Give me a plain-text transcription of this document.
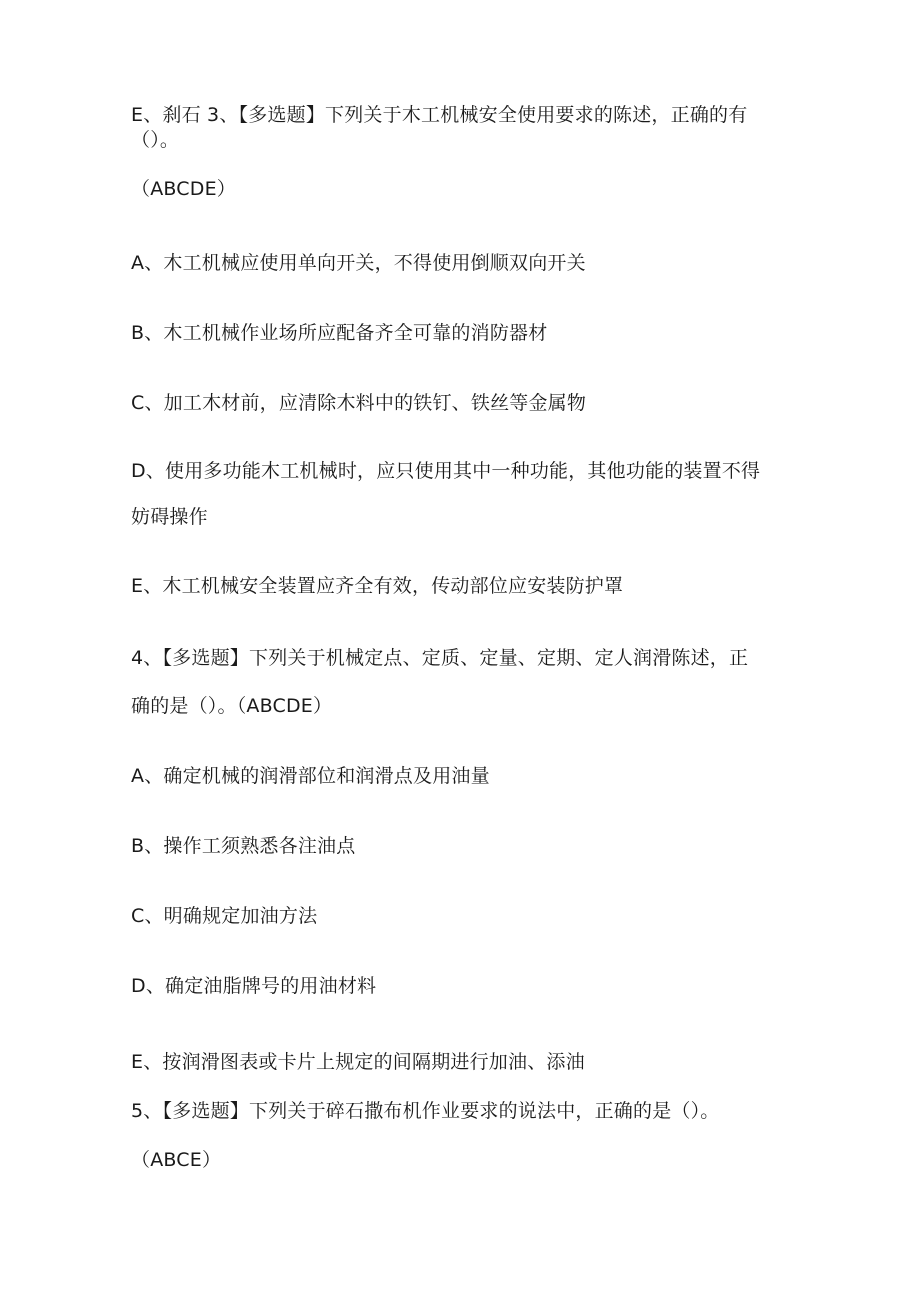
E、刹石 3、【多选题】下列关于木工机械安全使用要求的陈述，正确的有
（）。
（ABCDE）
A、木工机械应使用单向开关，不得使用倒顺双向开关
B、木工机械作业场所应配备齐全可靠的消防器材
C、加工木材前，应清除木料中的铁钉、铁丝等金属物
D、使用多功能木工机械时，应只使用其中一种功能，其他功能的装置不得
妨碍操作
E、木工机械安全装置应齐全有效，传动部位应安装防护罩
4、【多选题】下列关于机械定点、定质、定量、定期、定人润滑陈述，正
确的是（）。（ABCDE）
A、确定机械的润滑部位和润滑点及用油量
B、操作工须熟悉各注油点
C、明确规定加油方法
D、确定油脂牌号的用油材料
E、按润滑图表或卡片上规定的间隔期进行加油、添油
5、【多选题】下列关于碎石撒布机作业要求的说法中，正确的是（）。
（ABCE）
